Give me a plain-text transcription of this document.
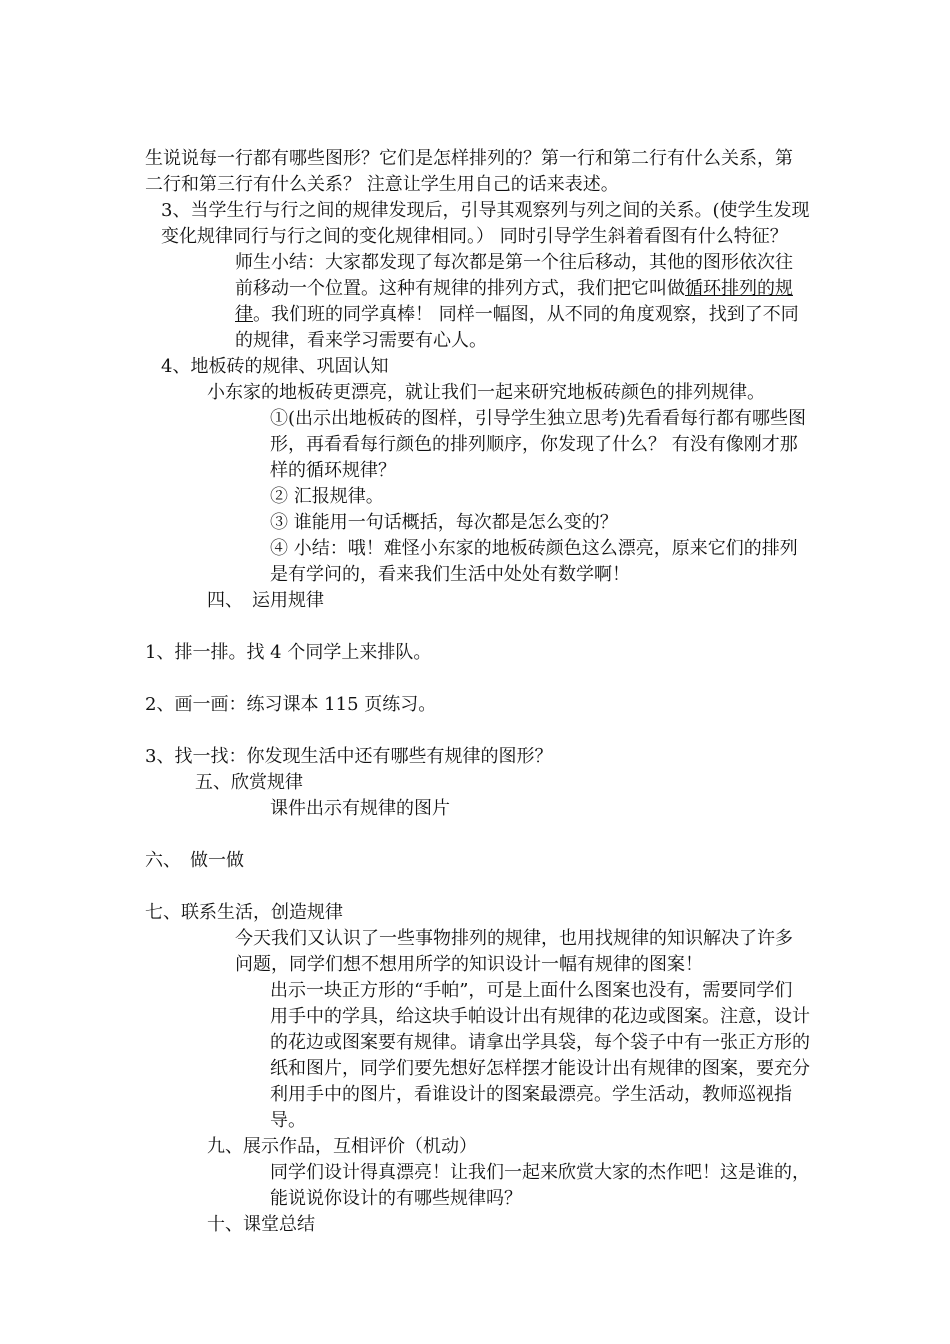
生说说每一行都有哪些图形？它们是怎样排列的？第一行和第二行有什么关系，第二行和第三行有什么关系？ 注意让学生用自己的话来表述。

3、当学生行与行之间的规律发现后，引导其观察列与列之间的关系。(使学生发现变化规律同行与行之间的变化规律相同。） 同时引导学生斜着看图有什么特征？

师生小结：大家都发现了每次都是第一个往后移动，其他的图形依次往前移动一个位置。这种有规律的排列方式，我们把它叫做循环排列的规律。我们班的同学真棒！ 同样一幅图，从不同的角度观察，找到了不同的规律，看来学习需要有心人。

4、地板砖的规律、巩固认知

小东家的地板砖更漂亮，就让我们一起来研究地板砖颜色的排列规律。

①(出示出地板砖的图样，引导学生独立思考)先看看每行都有哪些图形，再看看每行颜色的排列顺序，你发现了什么？ 有没有像刚才那样的循环规律？

② 汇报规律。

③ 谁能用一句话概括，每次都是怎么变的？

④ 小结：哦！难怪小东家的地板砖颜色这么漂亮，原来它们的排列是有学问的，看来我们生活中处处有数学啊！

四、　运用规律

1、排一排。找 4 个同学上来排队。

2、画一画：练习课本 115 页练习。

3、找一找：你发现生活中还有哪些有规律的图形？

五、欣赏规律

课件出示有规律的图片

六、　做一做

七、联系生活，创造规律

今天我们又认识了一些事物排列的规律，也用找规律的知识解决了许多问题，同学们想不想用所学的知识设计一幅有规律的图案！

出示一块正方形的“手帕”，可是上面什么图案也没有，需要同学们用手中的学具，给这块手帕设计出有规律的花边或图案。注意，设计的花边或图案要有规律。请拿出学具袋，每个袋子中有一张正方形的纸和图片，同学们要先想好怎样摆才能设计出有规律的图案，要充分利用手中的图片，看谁设计的图案最漂亮。学生活动，教师巡视指导。

九、展示作品，互相评价（机动）

同学们设计得真漂亮！让我们一起来欣赏大家的杰作吧！这是谁的，能说说你设计的有哪些规律吗？

十、课堂总结
